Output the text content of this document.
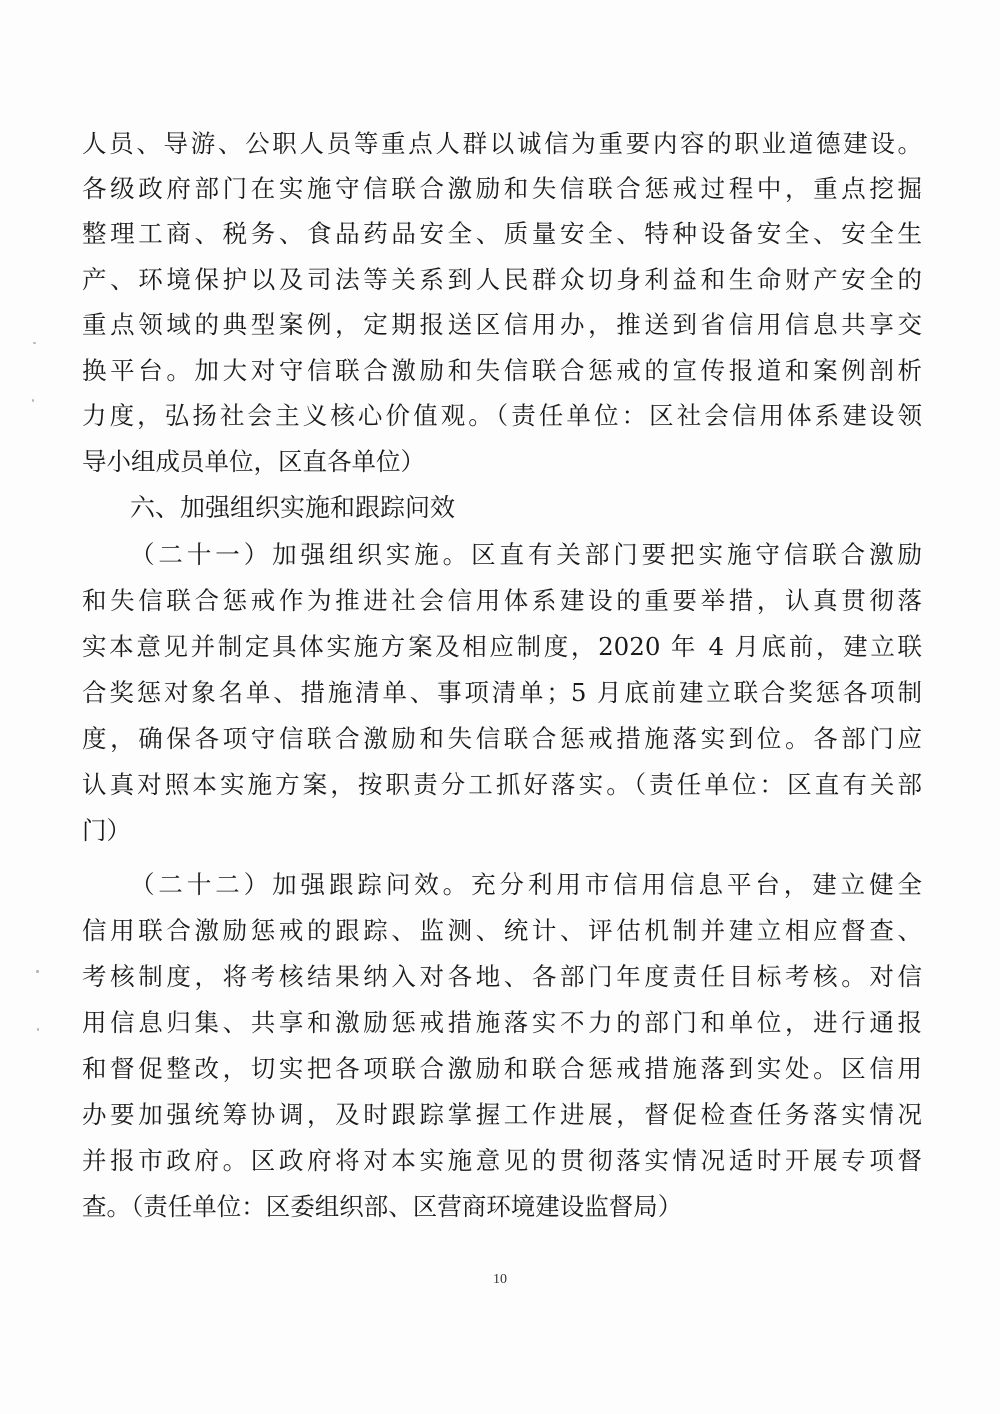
人员、导游、公职人员等重点人群以诚信为重要内容的职业道德建设。
各级政府部门在实施守信联合激励和失信联合惩戒过程中，重点挖掘
整理工商、税务、食品药品安全、质量安全、特种设备安全、安全生
产、环境保护以及司法等关系到人民群众切身利益和生命财产安全的
重点领域的典型案例，定期报送区信用办，推送到省信用信息共享交
换平台。加大对守信联合激励和失信联合惩戒的宣传报道和案例剖析
力度，弘扬社会主义核心价值观。（责任单位：区社会信用体系建设领
导小组成员单位，区直各单位）
六、加强组织实施和跟踪问效
（二十一）加强组织实施。区直有关部门要把实施守信联合激励
和失信联合惩戒作为推进社会信用体系建设的重要举措，认真贯彻落
实本意见并制定具体实施方案及相应制度，2020 年 4 月底前，建立联
合奖惩对象名单、措施清单、事项清单；5 月底前建立联合奖惩各项制
度，确保各项守信联合激励和失信联合惩戒措施落实到位。各部门应
认真对照本实施方案，按职责分工抓好落实。（责任单位：区直有关部
门）
（二十二）加强跟踪问效。充分利用市信用信息平台，建立健全
信用联合激励惩戒的跟踪、监测、统计、评估机制并建立相应督查、
考核制度，将考核结果纳入对各地、各部门年度责任目标考核。对信
用信息归集、共享和激励惩戒措施落实不力的部门和单位，进行通报
和督促整改，切实把各项联合激励和联合惩戒措施落到实处。区信用
办要加强统筹协调，及时跟踪掌握工作进展，督促检查任务落实情况
并报市政府。区政府将对本实施意见的贯彻落实情况适时开展专项督
查。（责任单位：区委组织部、区营商环境建设监督局）
10
